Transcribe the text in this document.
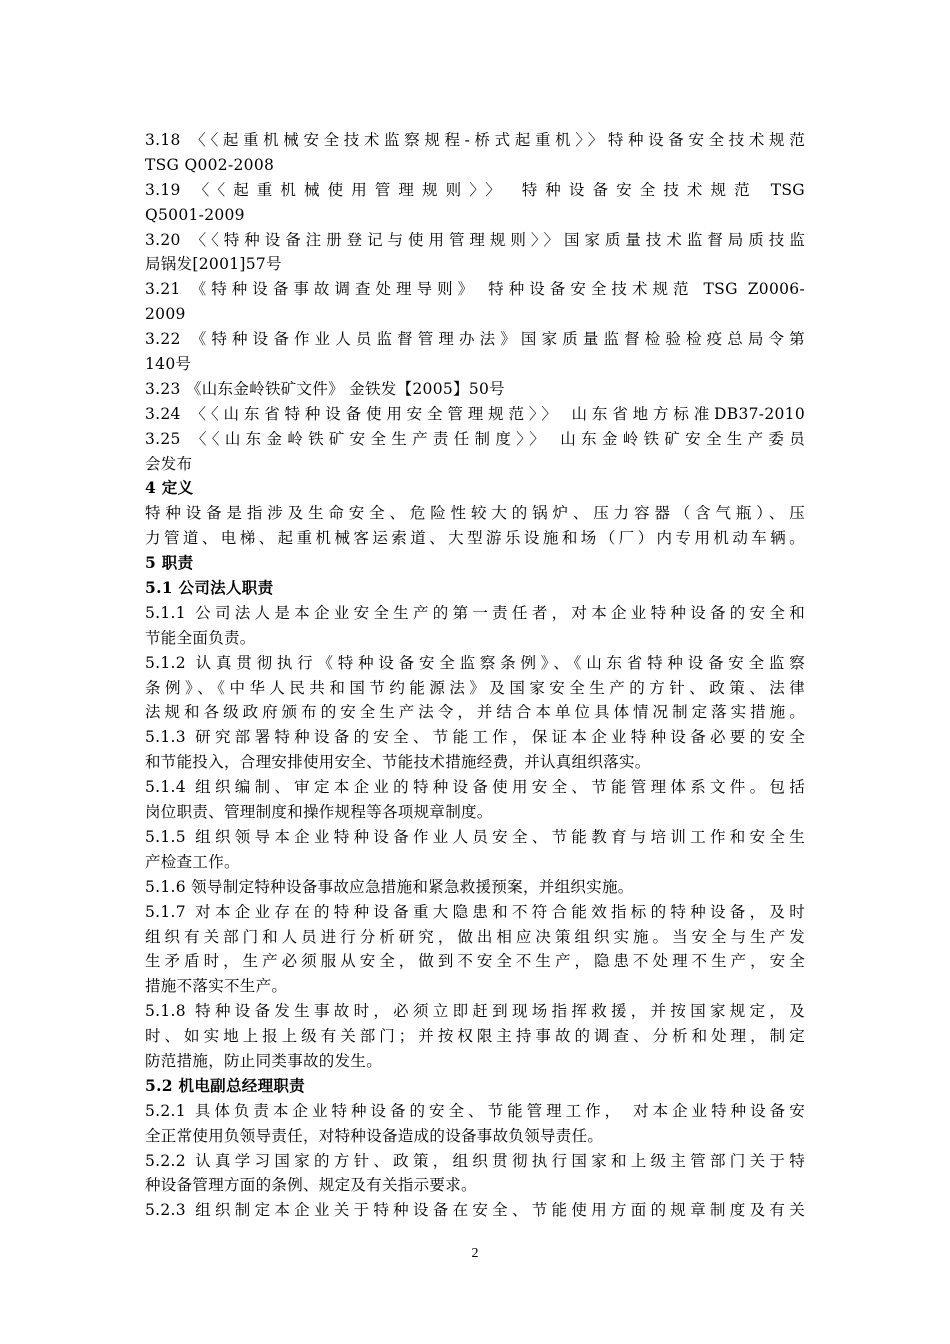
3.18 〈〈起重机械安全技术监察规程-桥式起重机〉〉特种设备安全技术规范
TSG Q002-2008
3.19 〈〈起重机械使用管理规则〉〉 特种设备安全技术规范 TSG
Q5001-2009
3.20 〈〈特种设备注册登记与使用管理规则〉〉国家质量技术监督局质技监
局锅发[2001]57号
3.21 《特种设备事故调查处理导则》 特种设备安全技术规范 TSG Z0006-
2009
3.22 《特种设备作业人员监督管理办法》国家质量监督检验检疫总局令第
140号
3.23 《山东金岭铁矿文件》 金铁发【2005】50号
3.24 〈〈山东省特种设备使用安全管理规范〉〉 山东省地方标准DB37-2010
3.25 〈〈山东金岭铁矿安全生产责任制度〉〉 山东金岭铁矿安全生产委员
会发布
4 定义
特种设备是指涉及生命安全、危险性较大的锅炉、压力容器（含气瓶）、压
力管道、电梯、起重机械客运索道、大型游乐设施和场（厂）内专用机动车辆。
5 职责
5.1 公司法人职责
5.1.1 公司法人是本企业安全生产的第一责任者，对本企业特种设备的安全和
节能全面负责。
5.1.2 认真贯彻执行《特种设备安全监察条例》、《山东省特种设备安全监察
条例》、《中华人民共和国节约能源法》及国家安全生产的方针、政策、法律
法规和各级政府颁布的安全生产法令，并结合本单位具体情况制定落实措施。
5.1.3 研究部署特种设备的安全、节能工作，保证本企业特种设备必要的安全
和节能投入，合理安排使用安全、节能技术措施经费，并认真组织落实。
5.1.4 组织编制、审定本企业的特种设备使用安全、节能管理体系文件。包括
岗位职责、管理制度和操作规程等各项规章制度。
5.1.5 组织领导本企业特种设备作业人员安全、节能教育与培训工作和安全生
产检查工作。
5.1.6 领导制定特种设备事故应急措施和紧急救援预案，并组织实施。
5.1.7 对本企业存在的特种设备重大隐患和不符合能效指标的特种设备，及时
组织有关部门和人员进行分析研究，做出相应决策组织实施。当安全与生产发
生矛盾时，生产必须服从安全，做到不安全不生产，隐患不处理不生产，安全
措施不落实不生产。
5.1.8 特种设备发生事故时，必须立即赶到现场指挥救援，并按国家规定，及
时、如实地上报上级有关部门；并按权限主持事故的调查、分析和处理，制定
防范措施，防止同类事故的发生。
5.2 机电副总经理职责
5.2.1 具体负责本企业特种设备的安全、节能管理工作， 对本企业特种设备安
全正常使用负领导责任，对特种设备造成的设备事故负领导责任。
5.2.2 认真学习国家的方针、政策，组织贯彻执行国家和上级主管部门关于特
种设备管理方面的条例、规定及有关指示要求。
5.2.3 组织制定本企业关于特种设备在安全、节能使用方面的规章制度及有关
2
